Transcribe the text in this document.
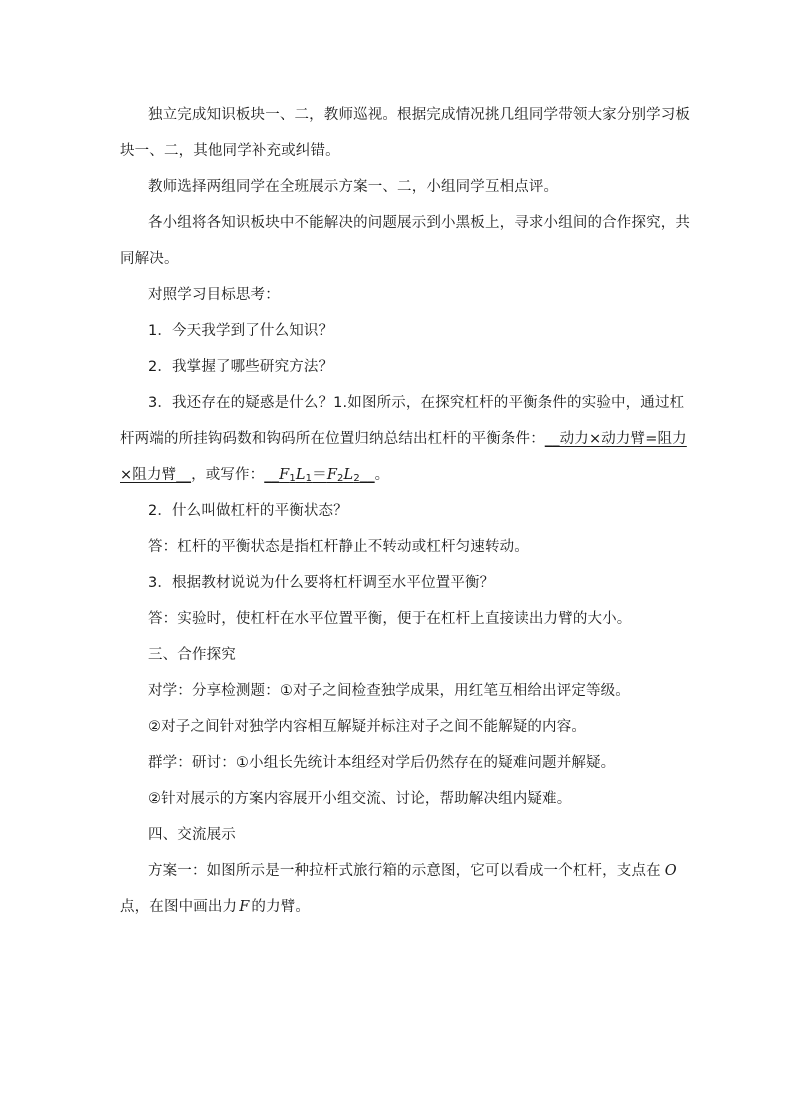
独立完成知识板块一、二，教师巡视。根据完成情况挑几组同学带领大家分别学习板
块一、二，其他同学补充或纠错。
教师选择两组同学在全班展示方案一、二，小组同学互相点评。
各小组将各知识板块中不能解决的问题展示到小黑板上，寻求小组间的合作探究，共
同解决。
对照学习目标思考：
1．今天我学到了什么知识？
2．我掌握了哪些研究方法？
3．我还存在的疑惑是什么？1.如图所示，在探究杠杆的平衡条件的实验中，通过杠
杆两端的所挂钩码数和钩码所在位置归纳总结出杠杆的平衡条件：__动力×动力臂=阻力
×阻力臂__，或写作：$\_\_F_1L_1=F_2L_2\_\_$。
2．什么叫做杠杆的平衡状态？
答：杠杆的平衡状态是指杠杆静止不转动或杠杆匀速转动。
3．根据教材说说为什么要将杠杆调至水平位置平衡？
答：实验时，使杠杆在水平位置平衡，便于在杠杆上直接读出力臂的大小。
三、合作探究
对学：分享检测题：①对子之间检查独学成果，用红笔互相给出评定等级。
②对子之间针对独学内容相互解疑并标注对子之间不能解疑的内容。
群学：研讨：①小组长先统计本组经对学后仍然存在的疑难问题并解疑。
②针对展示的方案内容展开小组交流、讨论，帮助解决组内疑难。
四、交流展示
方案一：如图所示是一种拉杆式旅行箱的示意图，它可以看成一个杠杆，支点在 O
点，在图中画出力 F 的力臂。
